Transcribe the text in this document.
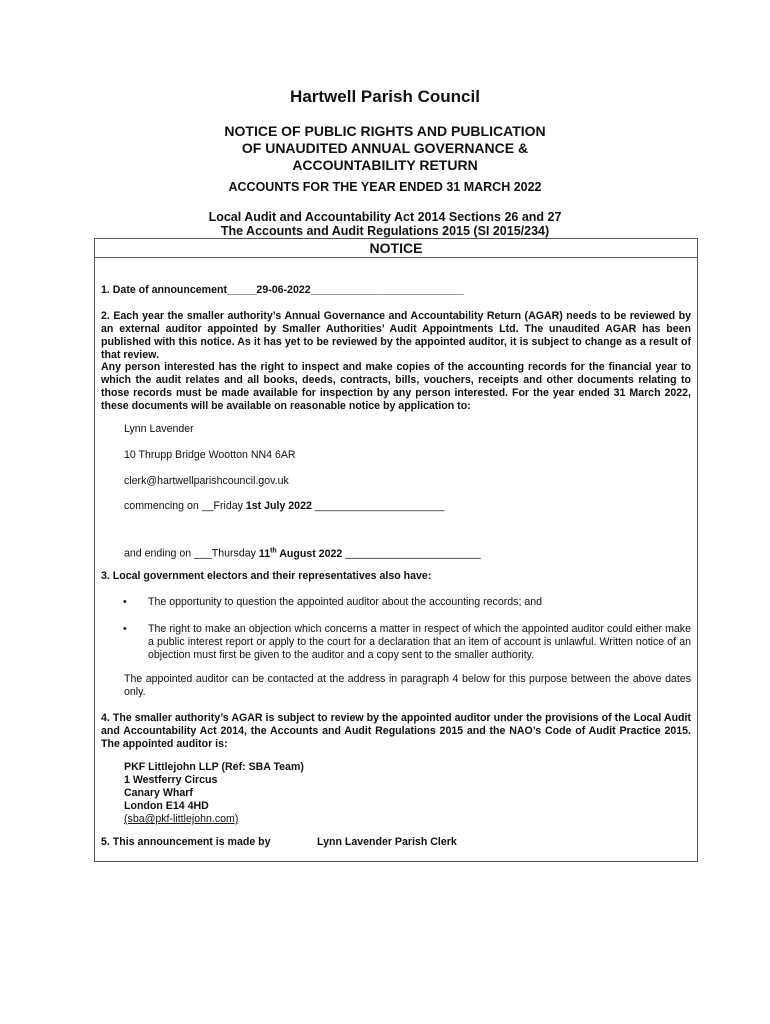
Hartwell Parish Council
NOTICE OF PUBLIC RIGHTS AND PUBLICATION
OF UNAUDITED ANNUAL GOVERNANCE &
ACCOUNTABILITY RETURN
ACCOUNTS FOR THE YEAR ENDED 31 MARCH 2022
Local Audit and Accountability Act 2014 Sections 26 and 27
The Accounts and Audit Regulations 2015 (SI 2015/234)
NOTICE
1. Date of announcement_____29-06-2022__________________________
2. Each year the smaller authority’s Annual Governance and Accountability Return (AGAR) needs to be reviewed by an external auditor appointed by Smaller Authorities’ Audit Appointments Ltd. The unaudited AGAR has been published with this notice. As it has yet to be reviewed by the appointed auditor, it is subject to change as a result of that review.
Any person interested has the right to inspect and make copies of the accounting records for the financial year to which the audit relates and all books, deeds, contracts, bills, vouchers, receipts and other documents relating to those records must be made available for inspection by any person interested. For the year ended 31 March 2022, these documents will be available on reasonable notice by application to:
Lynn Lavender
10 Thrupp Bridge Wootton NN4 6AR
clerk@hartwellparishcouncil.gov.uk
commencing on __Friday 1st July 2022 ______________________
and ending on ___Thursday 11th August 2022 _______________________
3. Local government electors and their representatives also have:
• The opportunity to question the appointed auditor about the accounting records; and
• The right to make an objection which concerns a matter in respect of which the appointed auditor could either make a public interest report or apply to the court for a declaration that an item of account is unlawful. Written notice of an objection must first be given to the auditor and a copy sent to the smaller authority.
The appointed auditor can be contacted at the address in paragraph 4 below for this purpose between the above dates only.
4. The smaller authority’s AGAR is subject to review by the appointed auditor under the provisions of the Local Audit and Accountability Act 2014, the Accounts and Audit Regulations 2015 and the NAO’s Code of Audit Practice 2015. The appointed auditor is:
PKF Littlejohn LLP (Ref: SBA Team)
1 Westferry Circus
Canary Wharf
London E14 4HD
(sba@pkf-littlejohn.com)
5. This announcement is made by	Lynn Lavender Parish Clerk
